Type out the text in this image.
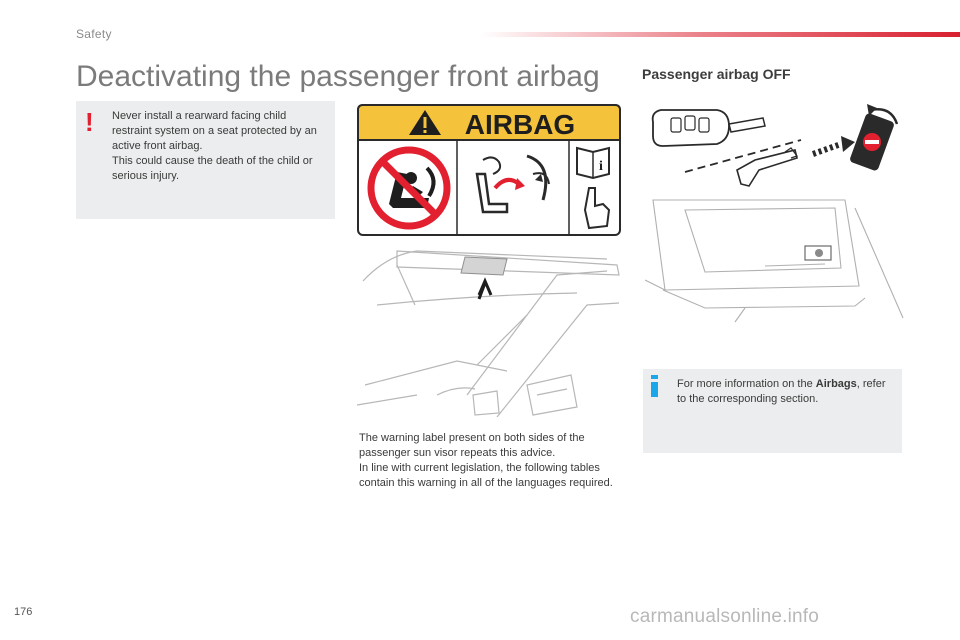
Safety
Deactivating the passenger front airbag
! Never install a rearward facing child restraint system on a seat protected by an active front airbag.
This could cause the death of the child or serious injury.
AIRBAG
i
The warning label present on both sides of the passenger sun visor repeats this advice.
In line with current legislation, the following tables contain this warning in all of the languages required.
Passenger airbag OFF
For more information on the Airbags, refer to the corresponding section.
176	carmanualsonline.info
